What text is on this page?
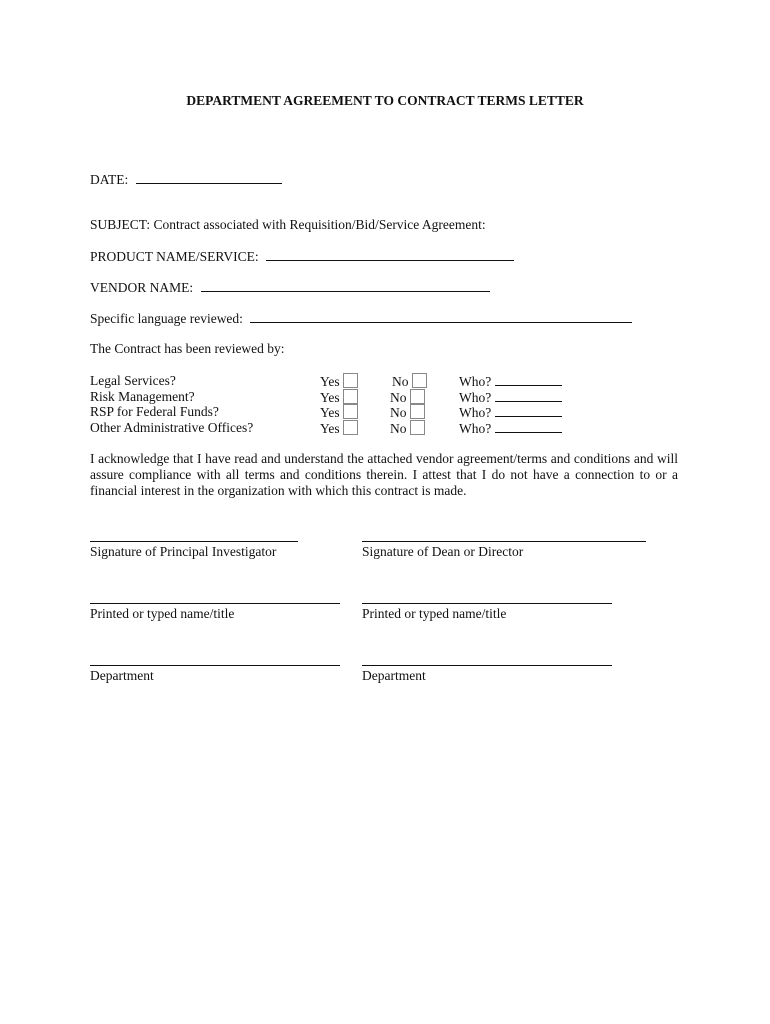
DEPARTMENT AGREEMENT TO CONTRACT TERMS LETTER
DATE:
SUBJECT: Contract associated with Requisition/Bid/Service Agreement:
PRODUCT NAME/SERVICE:
VENDOR NAME:
Specific language reviewed:
The Contract has been reviewed by:
Legal Services?	Yes	No	Who?
Risk Management?	Yes	No	Who?
RSP for Federal Funds?	Yes	No	Who?
Other Administrative Offices?	Yes	No	Who?
I acknowledge that I have read and understand the attached vendor agreement/terms and conditions and will assure compliance with all terms and conditions therein. I attest that I do not have a connection to or a financial interest in the organization with which this contract is made.
Signature of Principal Investigator	Signature of Dean or Director
Printed or typed name/title	Printed or typed name/title
Department	Department
